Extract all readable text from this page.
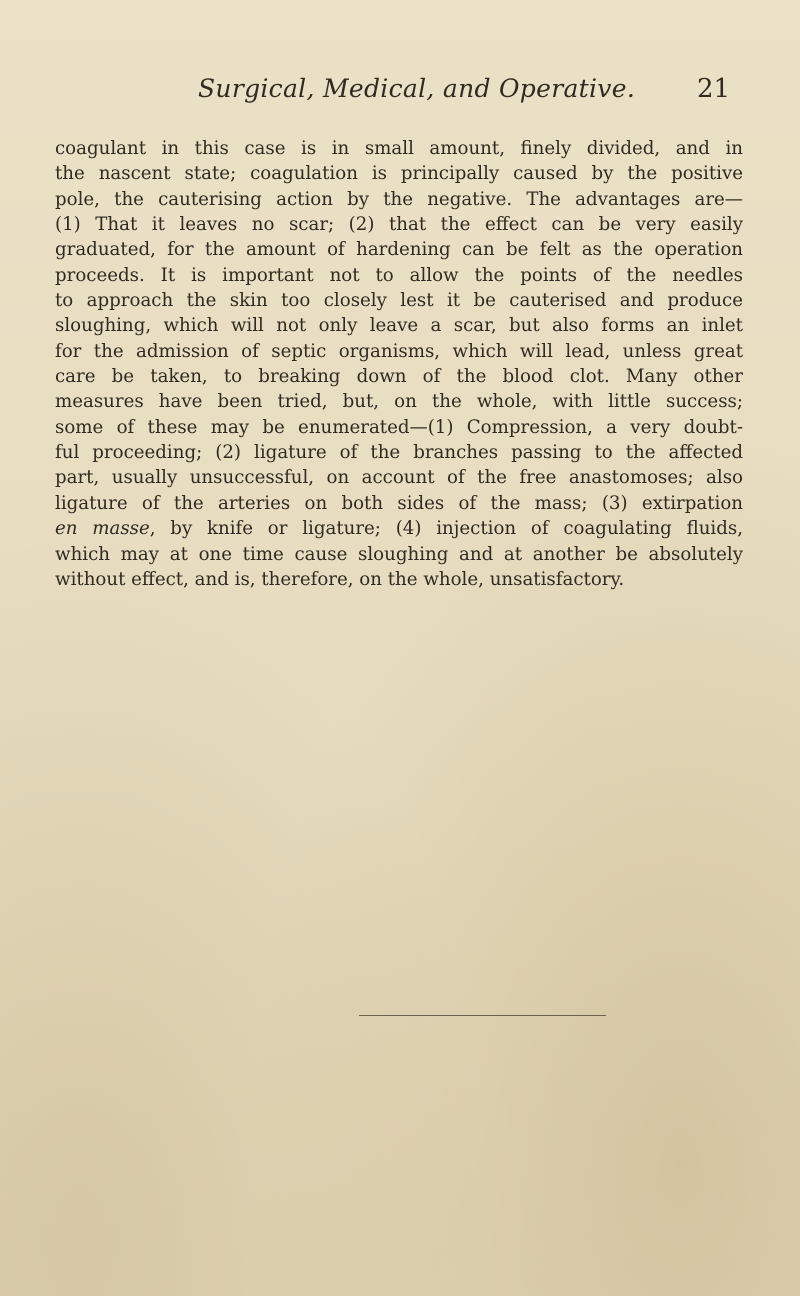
Surgical, Medical, and Operative. 21
coagulant in this case is in small amount, finely divided, and in
the nascent state; coagulation is principally caused by the positive
pole, the cauterising action by the negative. The advantages are—
(1) That it leaves no scar; (2) that the effect can be very easily
graduated, for the amount of hardening can be felt as the operation
proceeds. It is important not to allow the points of the needles
to approach the skin too closely lest it be cauterised and produce
sloughing, which will not only leave a scar, but also forms an inlet
for the admission of septic organisms, which will lead, unless great
care be taken, to breaking down of the blood clot. Many other
measures have been tried, but, on the whole, with little success;
some of these may be enumerated—(1) Compression, a very doubt-
ful proceeding; (2) ligature of the branches passing to the affected
part, usually unsuccessful, on account of the free anastomoses; also
ligature of the arteries on both sides of the mass; (3) extirpation
en masse, by knife or ligature; (4) injection of coagulating fluids,
which may at one time cause sloughing and at another be absolutely
without effect, and is, therefore, on the whole, unsatisfactory.
